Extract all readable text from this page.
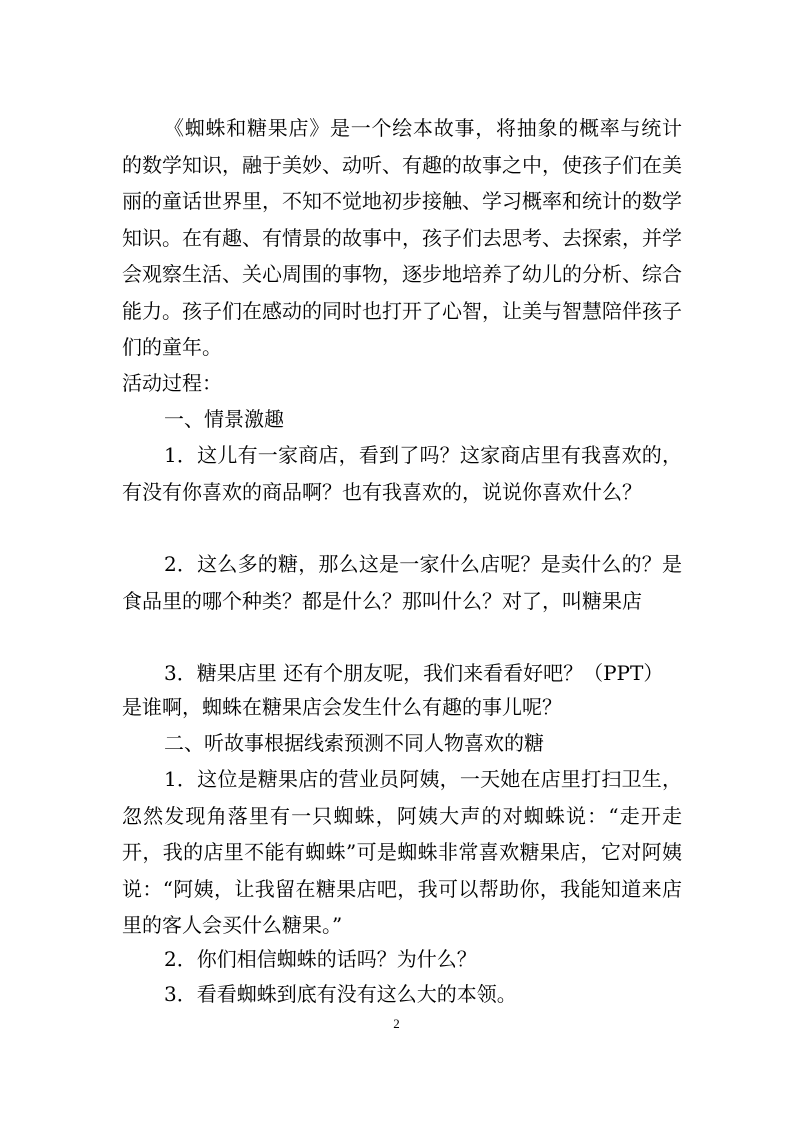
《蜘蛛和糖果店》是一个绘本故事，将抽象的概率与统计的数学知识，融于美妙、动听、有趣的故事之中，使孩子们在美丽的童话世界里，不知不觉地初步接触、学习概率和统计的数学知识。在有趣、有情景的故事中，孩子们去思考、去探索，并学会观察生活、关心周围的事物，逐步地培养了幼儿的分析、综合能力。孩子们在感动的同时也打开了心智，让美与智慧陪伴孩子们的童年。

活动过程：

一、情景激趣

1．这儿有一家商店，看到了吗？这家商店里有我喜欢的，有没有你喜欢的商品啊？也有我喜欢的，说说你喜欢什么？

2．这么多的糖，那么这是一家什么店呢？是卖什么的？是食品里的哪个种类？都是什么？那叫什么？对了，叫糖果店

3．糖果店里 还有个朋友呢，我们来看看好吧？（PPT）

是谁啊，蜘蛛在糖果店会发生什么有趣的事儿呢？

二、听故事根据线索预测不同人物喜欢的糖

1．这位是糖果店的营业员阿姨，一天她在店里打扫卫生，忽然发现角落里有一只蜘蛛，阿姨大声的对蜘蛛说：“走开走开，我的店里不能有蜘蛛”可是蜘蛛非常喜欢糖果店，它对阿姨说：“阿姨，让我留在糖果店吧，我可以帮助你，我能知道来店里的客人会买什么糖果。”

2．你们相信蜘蛛的话吗？为什么？

3．看看蜘蛛到底有没有这么大的本领。

2
